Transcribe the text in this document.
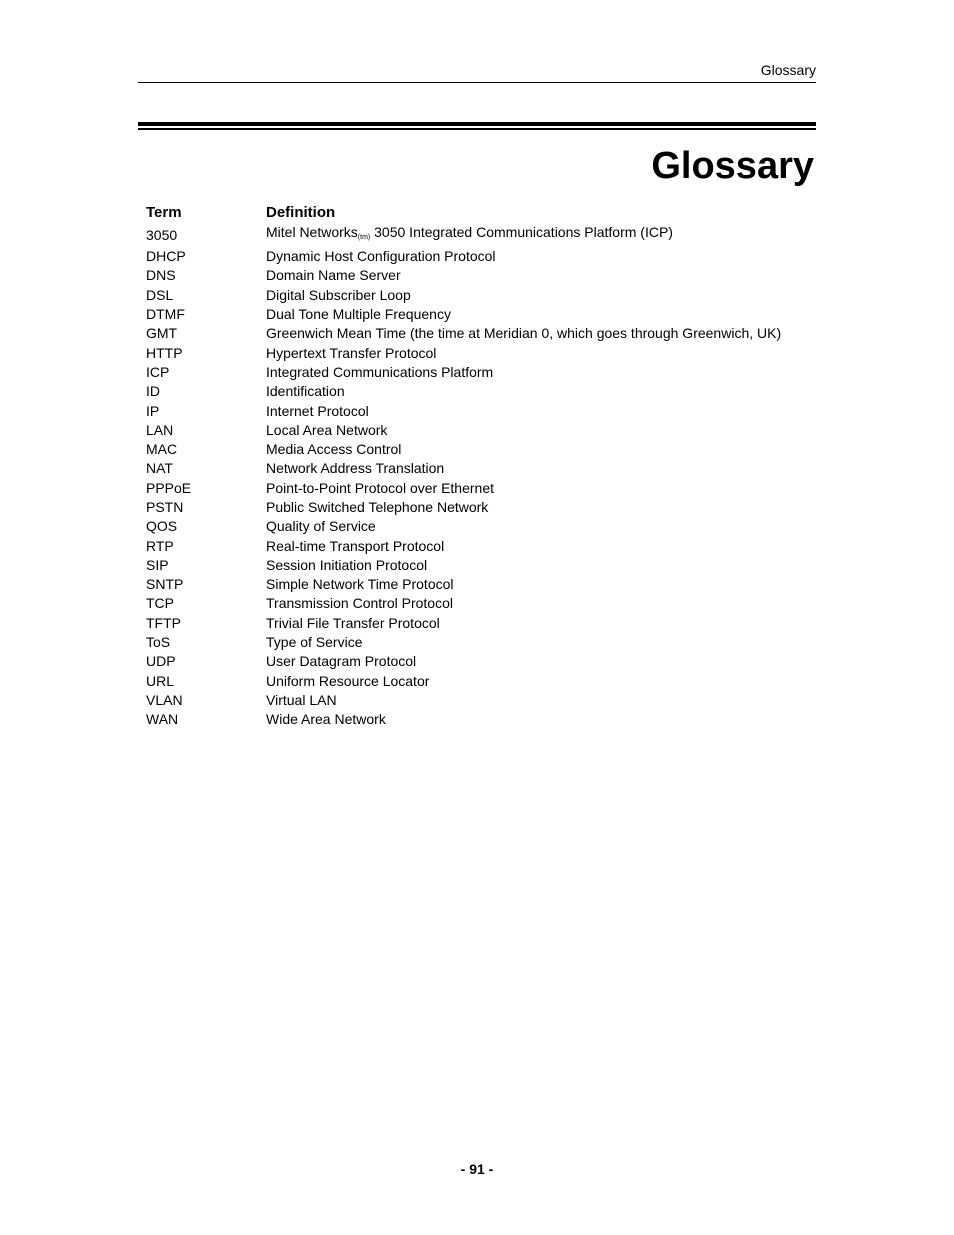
Glossary
Glossary
Term	Definition
3050	Mitel Networks$_{(tm)}$ 3050 Integrated Communications Platform (ICP)
DHCP	Dynamic Host Configuration Protocol
DNS	Domain Name Server
DSL	Digital Subscriber Loop
DTMF	Dual Tone Multiple Frequency
GMT	Greenwich Mean Time (the time at Meridian 0, which goes through Greenwich, UK)
HTTP	Hypertext Transfer Protocol
ICP	Integrated Communications Platform
ID	Identification
IP	Internet Protocol
LAN	Local Area Network
MAC	Media Access Control
NAT	Network Address Translation
PPPoE	Point-to-Point Protocol over Ethernet
PSTN	Public Switched Telephone Network
QOS	Quality of Service
RTP	Real-time Transport Protocol
SIP	Session Initiation Protocol
SNTP	Simple Network Time Protocol
TCP	Transmission Control Protocol
TFTP	Trivial File Transfer Protocol
ToS	Type of Service
UDP	User Datagram Protocol
URL	Uniform Resource Locator
VLAN	Virtual LAN
WAN	Wide Area Network
- 91 -
